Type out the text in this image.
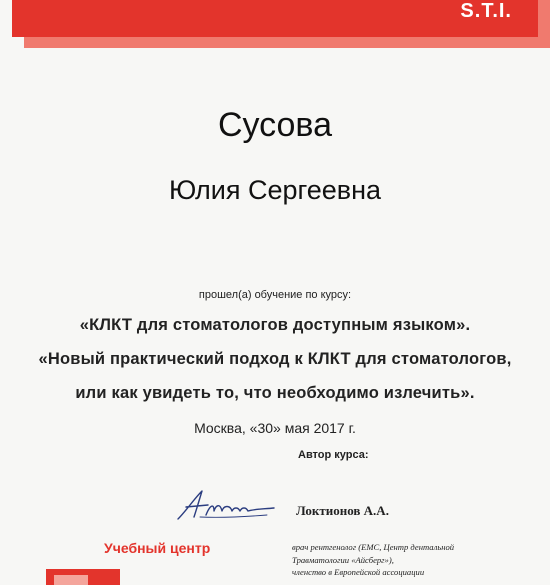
S.T.I.
Сусова
Юлия Сергеевна
прошел(а) обучение по курсу:
«КЛКТ для стоматологов доступным языком».
«Новый практический подход к КЛКТ для стоматологов,
или как увидеть то, что необходимо излечить».
Москва, «30» мая 2017 г.
Автор курса:
Локтионов А.А.
Учебный центр	врач рентгенолог (ЕМС, Центр дентальной
Травматологии «Айсберг»),
членство в Европейской ассоциации
